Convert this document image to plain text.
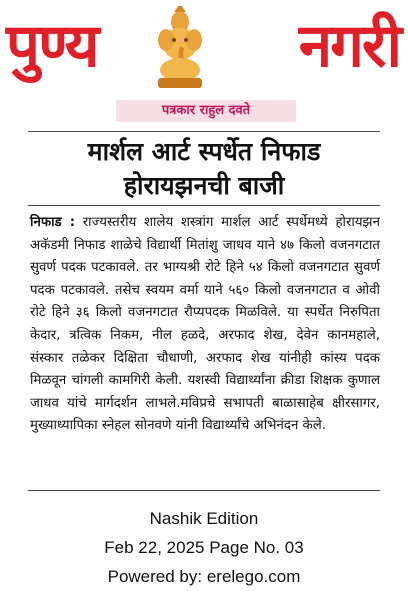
पुण्य	नगरी
पत्रकार राहुल दवते
मार्शल आर्ट स्पर्धेत निफाड
होरायझनची बाजी
निफाड : राज्यस्तरीय शालेय शस्त्रांग मार्शल आर्ट स्पर्धेमध्ये होरायझन अकॅडमी निफाड शाळेचे विद्यार्थी मितांशु जाधव याने ४७ किलो वजनगटात सुवर्ण पदक पटकावले. तर भाग्यश्री रोटे हिने ५४ किलो वजनगटात सुवर्ण पदक पटकावले. तसेच स्वयम वर्मा याने ५६० किलो वजनगटात व ओवी रोटे हिने ३६ किलो वजनगटात रौप्यपदक मिळविले. या स्पर्धेत निरुपिता केदार, त्रत्विक निकम, नील हळदे, अरफाद शेख, देवेन कानमहाले, संस्कार तळेकर दिक्षिता चौधाणी, अरफाद शेख यांनीही कांस्य पदक मिळवून चांगली कामगिरी केली. यशस्वी विद्यार्थ्यांना क्रीडा शिक्षक कुणाल जाधव यांचे मार्गदर्शन लाभले.मविप्रचे सभापती बाळासाहेब क्षीरसागर, मुख्याध्यापिका स्नेहल सोनवणे यांनी विद्यार्थ्यांचे अभिनंदन केले.
Nashik Edition
Feb 22, 2025 Page No. 03
Powered by: erelego.com
